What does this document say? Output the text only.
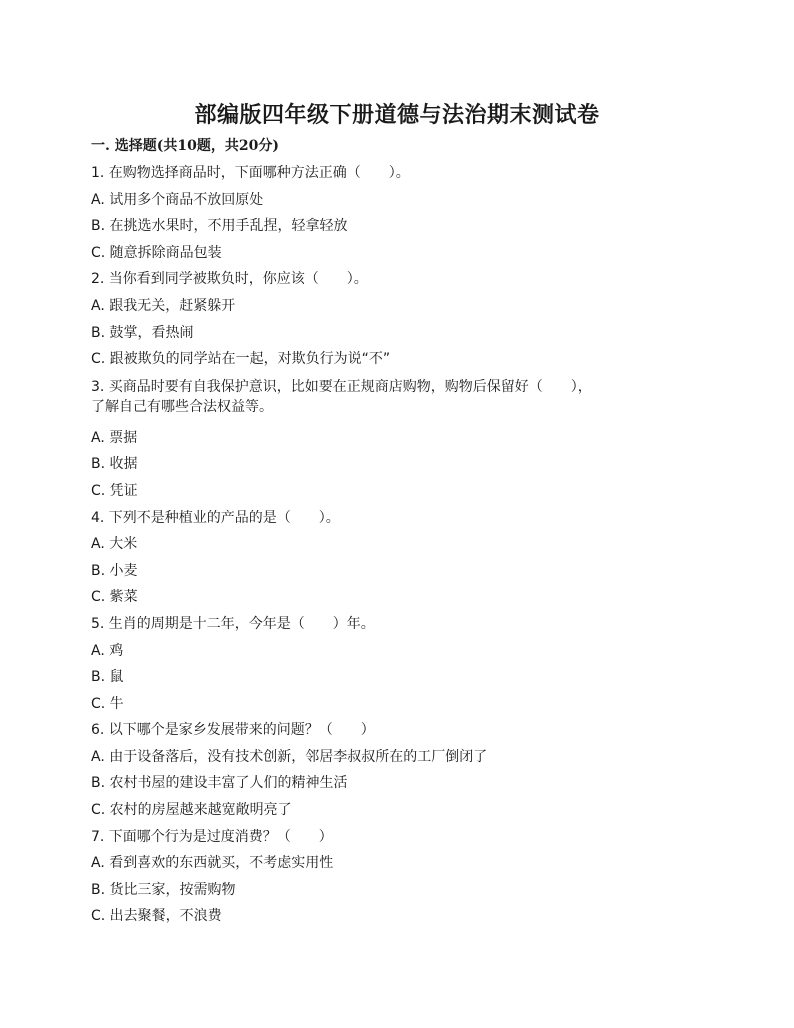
部编版四年级下册道德与法治期末测试卷
一. 选择题(共10题，共20分)
1. 在购物选择商品时，下面哪种方法正确（　　）。
A. 试用多个商品不放回原处
B. 在挑选水果时，不用手乱捏，轻拿轻放
C. 随意拆除商品包装
2. 当你看到同学被欺负时，你应该（　　）。
A. 跟我无关，赶紧躲开
B. 鼓掌，看热闹
C. 跟被欺负的同学站在一起，对欺负行为说“不”
3. 买商品时要有自我保护意识，比如要在正规商店购物，购物后保留好（　　），了解自己有哪些合法权益等。
A. 票据
B. 收据
C. 凭证
4. 下列不是种植业的产品的是（　　）。
A. 大米
B. 小麦
C. 紫菜
5. 生肖的周期是十二年，今年是（　　）年。
A. 鸡
B. 鼠
C. 牛
6. 以下哪个是家乡发展带来的问题？（　　）
A. 由于设备落后，没有技术创新，邻居李叔叔所在的工厂倒闭了
B. 农村书屋的建设丰富了人们的精神生活
C. 农村的房屋越来越宽敞明亮了
7. 下面哪个行为是过度消费？（　　）
A. 看到喜欢的东西就买，不考虑实用性
B. 货比三家，按需购物
C. 出去聚餐，不浪费
